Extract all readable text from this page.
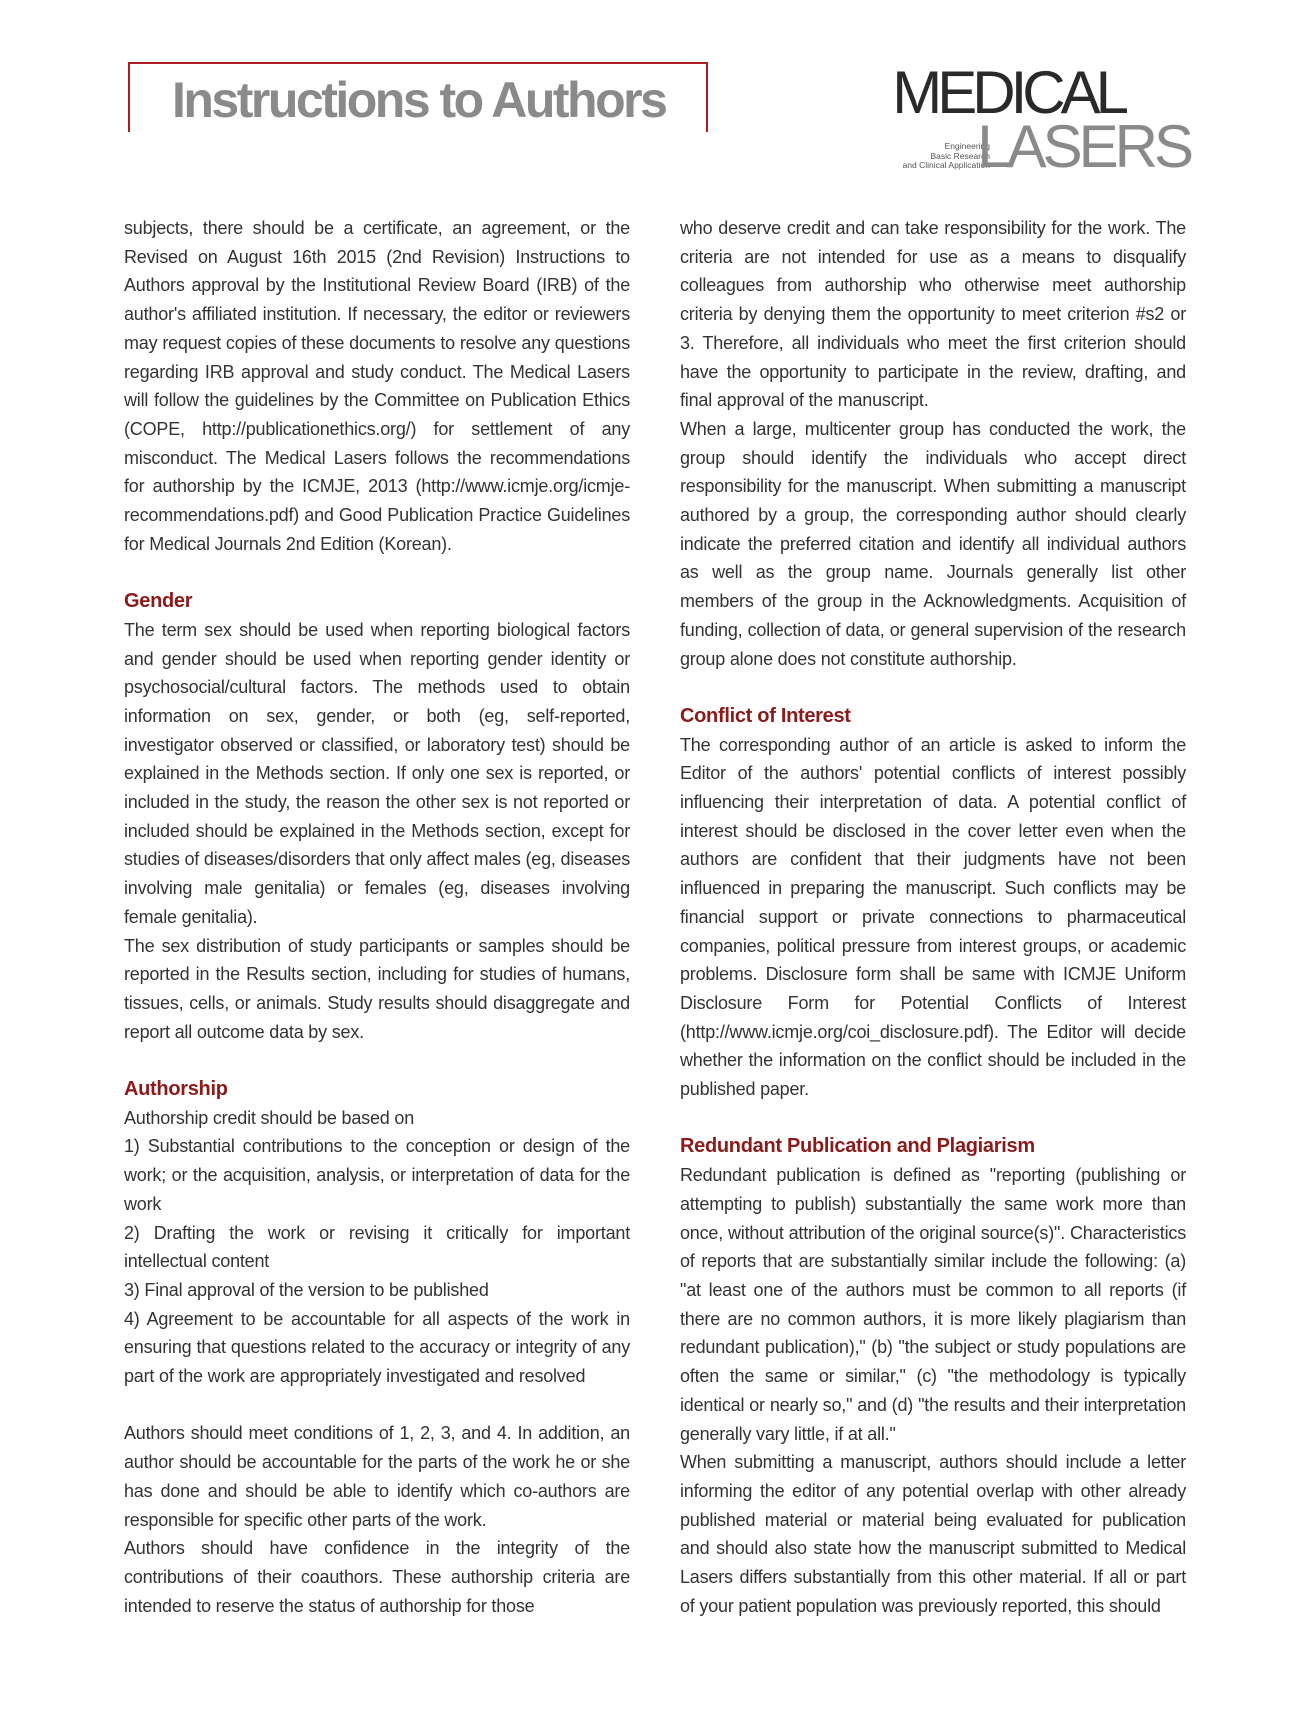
Instructions to Authors	MEDICAL
Engineering
Basic Research
and Clinical Application
LASERS

subjects, there should be a certificate, an agreement, or the Revised on August 16th 2015 (2nd Revision) Instructions to Authors approval by the Institutional Review Board (IRB) of the author's affiliated institution. If necessary, the editor or reviewers may request copies of these documents to resolve any questions regarding IRB approval and study conduct. The Medical Lasers will follow the guidelines by the Committee on Publication Ethics (COPE, http://publicationethics.org/) for settlement of any misconduct. The Medical Lasers follows the recommendations for authorship by the ICMJE, 2013 (http://www.icmje.org/icmje-recommendations.pdf) and Good Publication Practice Guidelines for Medical Journals 2nd Edition (Korean).

Gender

The term sex should be used when reporting biological factors and gender should be used when reporting gender identity or psychosocial/cultural factors. The methods used to obtain information on sex, gender, or both (eg, self-reported, investigator observed or classified, or laboratory test) should be explained in the Methods section. If only one sex is reported, or included in the study, the reason the other sex is not reported or included should be explained in the Methods section, except for studies of diseases/disorders that only affect males (eg, diseases involving male genitalia) or females (eg, diseases involving female genitalia).

The sex distribution of study participants or samples should be reported in the Results section, including for studies of humans, tissues, cells, or animals. Study results should disaggregate and report all outcome data by sex.

Authorship

Authorship credit should be based on

1) Substantial contributions to the conception or design of the work; or the acquisition, analysis, or interpretation of data for the work

2) Drafting the work or revising it critically for important intellectual content

3) Final approval of the version to be published

4) Agreement to be accountable for all aspects of the work in ensuring that questions related to the accuracy or integrity of any part of the work are appropriately investigated and resolved

Authors should meet conditions of 1, 2, 3, and 4. In addition, an author should be accountable for the parts of the work he or she has done and should be able to identify which co-authors are responsible for specific other parts of the work.

Authors should have confidence in the integrity of the contributions of their coauthors. These authorship criteria are intended to reserve the status of authorship for those

who deserve credit and can take responsibility for the work. The criteria are not intended for use as a means to disqualify colleagues from authorship who otherwise meet authorship criteria by denying them the opportunity to meet criterion #s2 or 3. Therefore, all individuals who meet the first criterion should have the opportunity to participate in the review, drafting, and final approval of the manuscript.

When a large, multicenter group has conducted the work, the group should identify the individuals who accept direct responsibility for the manuscript. When submitting a manuscript authored by a group, the corresponding author should clearly indicate the preferred citation and identify all individual authors as well as the group name. Journals generally list other members of the group in the Acknowledgments. Acquisition of funding, collection of data, or general supervision of the research group alone does not constitute authorship.

Conflict of Interest

The corresponding author of an article is asked to inform the Editor of the authors' potential conflicts of interest possibly influencing their interpretation of data. A potential conflict of interest should be disclosed in the cover letter even when the authors are confident that their judgments have not been influenced in preparing the manuscript. Such conflicts may be financial support or private connections to pharmaceutical companies, political pressure from interest groups, or academic problems. Disclosure form shall be same with ICMJE Uniform Disclosure Form for Potential Conflicts of Interest (http://www.icmje.org/coi_disclosure.pdf). The Editor will decide whether the information on the conflict should be included in the published paper.

Redundant Publication and Plagiarism

Redundant publication is defined as "reporting (publishing or attempting to publish) substantially the same work more than once, without attribution of the original source(s)". Characteristics of reports that are substantially similar include the following: (a) "at least one of the authors must be common to all reports (if there are no common authors, it is more likely plagiarism than redundant publication)," (b) "the subject or study populations are often the same or similar," (c) "the methodology is typically identical or nearly so," and (d) "the results and their interpretation generally vary little, if at all."

When submitting a manuscript, authors should include a letter informing the editor of any potential overlap with other already published material or material being evaluated for publication and should also state how the manuscript submitted to Medical Lasers differs substantially from this other material. If all or part of your patient population was previously reported, this should
